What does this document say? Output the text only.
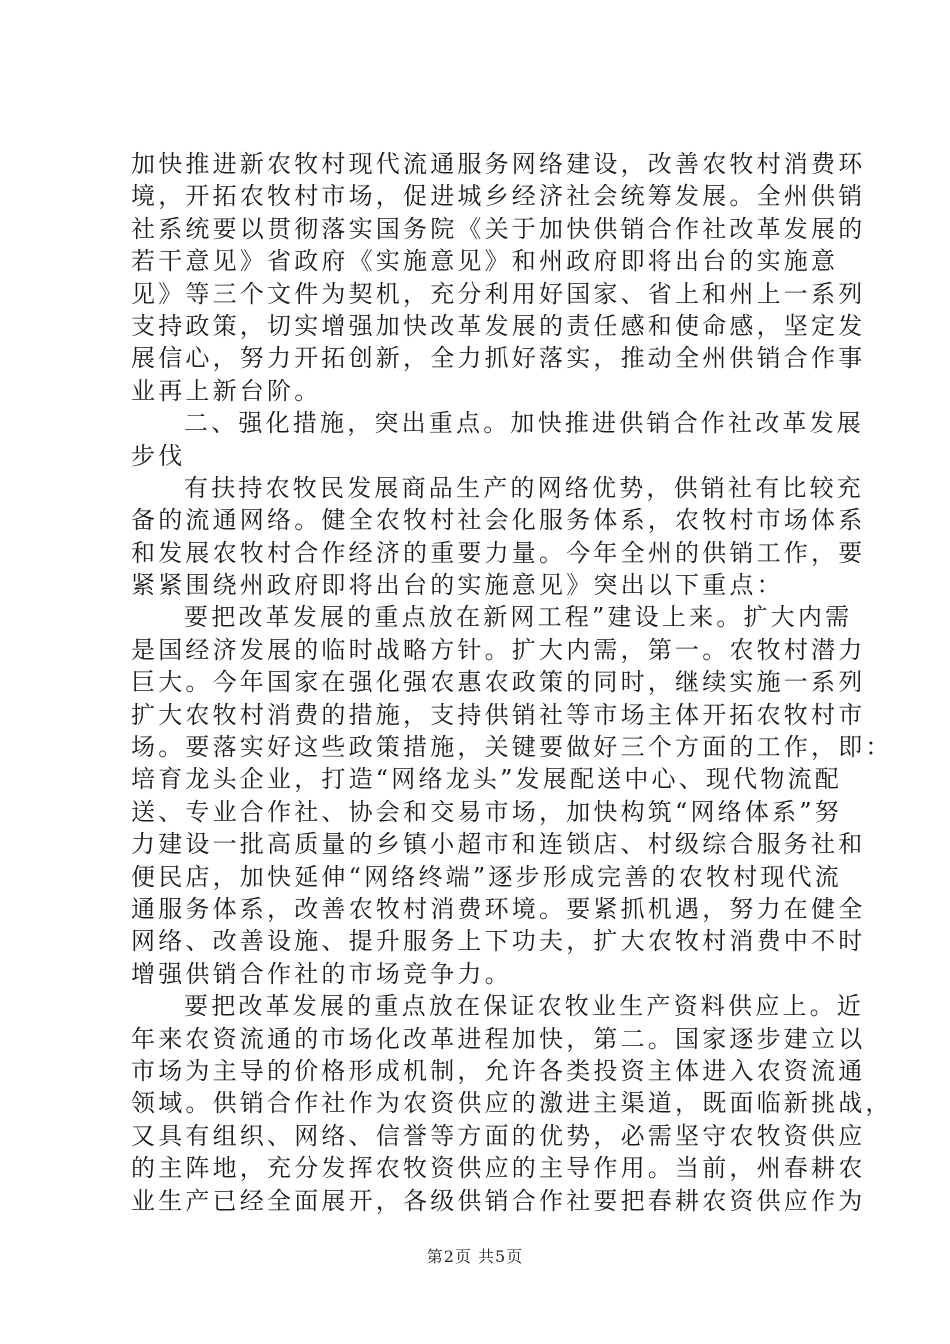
加快推进新农牧村现代流通服务网络建设，改善农牧村消费环
境，开拓农牧村市场，促进城乡经济社会统筹发展。全州供销
社系统要以贯彻落实国务院《关于加快供销合作社改革发展的
若干意见》省政府《实施意见》和州政府即将出台的实施意
见》等三个文件为契机，充分利用好国家、省上和州上一系列
支持政策，切实增强加快改革发展的责任感和使命感，坚定发
展信心，努力开拓创新，全力抓好落实，推动全州供销合作事
业再上新台阶。
二、强化措施，突出重点。加快推进供销合作社改革发展
步伐
有扶持农牧民发展商品生产的网络优势，供销社有比较充
备的流通网络。健全农牧村社会化服务体系，农牧村市场体系
和发展农牧村合作经济的重要力量。今年全州的供销工作，要
紧紧围绕州政府即将出台的实施意见》突出以下重点：
要把改革发展的重点放在新网工程”建设上来。扩大内需
是国经济发展的临时战略方针。扩大内需，第一。农牧村潜力
巨大。今年国家在强化强农惠农政策的同时，继续实施一系列
扩大农牧村消费的措施，支持供销社等市场主体开拓农牧村市
场。要落实好这些政策措施，关键要做好三个方面的工作，即：
培育龙头企业，打造“网络龙头”发展配送中心、现代物流配
送、专业合作社、协会和交易市场，加快构筑“网络体系”努
力建设一批高质量的乡镇小超市和连锁店、村级综合服务社和
便民店，加快延伸“网络终端”逐步形成完善的农牧村现代流
通服务体系，改善农牧村消费环境。要紧抓机遇，努力在健全
网络、改善设施、提升服务上下功夫，扩大农牧村消费中不时
增强供销合作社的市场竞争力。
要把改革发展的重点放在保证农牧业生产资料供应上。近
年来农资流通的市场化改革进程加快，第二。国家逐步建立以
市场为主导的价格形成机制，允许各类投资主体进入农资流通
领域。供销合作社作为农资供应的激进主渠道，既面临新挑战，
又具有组织、网络、信誉等方面的优势，必需坚守农牧资供应
的主阵地，充分发挥农牧资供应的主导作用。当前，州春耕农
业生产已经全面展开，各级供销合作社要把春耕农资供应作为
第2页 共5页
